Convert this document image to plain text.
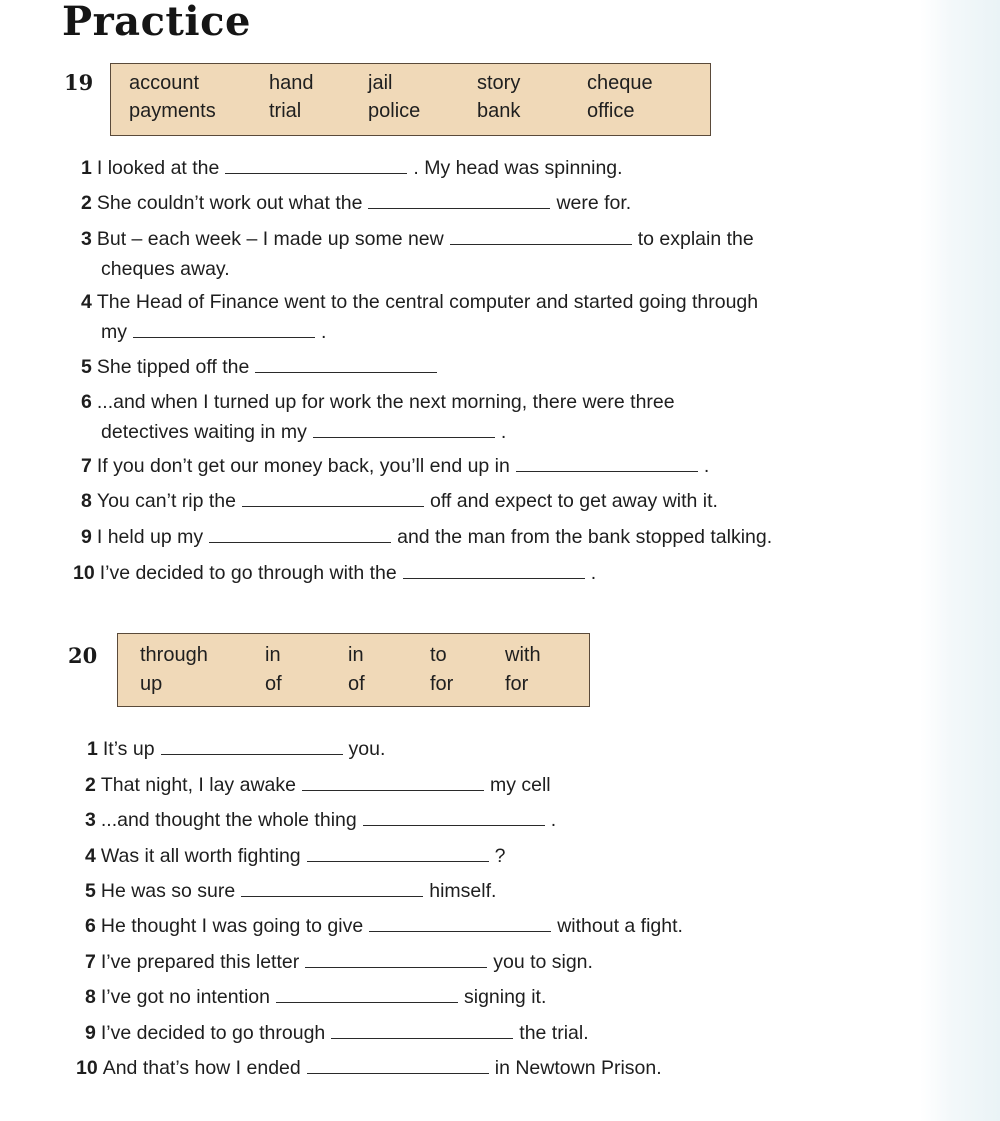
Practice
19 account	hand	jail	story	cheque
payments	trial	police	bank	office
1 I looked at the	. My head was spinning.
2 She couldn’t work out what the	were for.
3 But – each week – I made up some new	to explain the
cheques away.
4 The Head of Finance went to the central computer and started going through
my	.
5 She tipped off the
6 ...and when I turned up for work the next morning, there were three
detectives waiting in my	.
7 If you don’t get our money back, you’ll end up in	.
8 You can’t rip the	off and expect to get away with it.
9 I held up my	and the man from the bank stopped talking.
10 I’ve decided to go through with the	.
20 through	in	in	to	with
up	of	of	for	for
1 It’s up	you.
2 That night, I lay awake	my cell
3 ...and thought the whole thing	.
4 Was it all worth fighting	?
5 He was so sure	himself.
6 He thought I was going to give	without a fight.
7 I’ve prepared this letter	you to sign.
8 I’ve got no intention	signing it.
9 I’ve decided to go through	the trial.
10 And that’s how I ended	in Newtown Prison.
